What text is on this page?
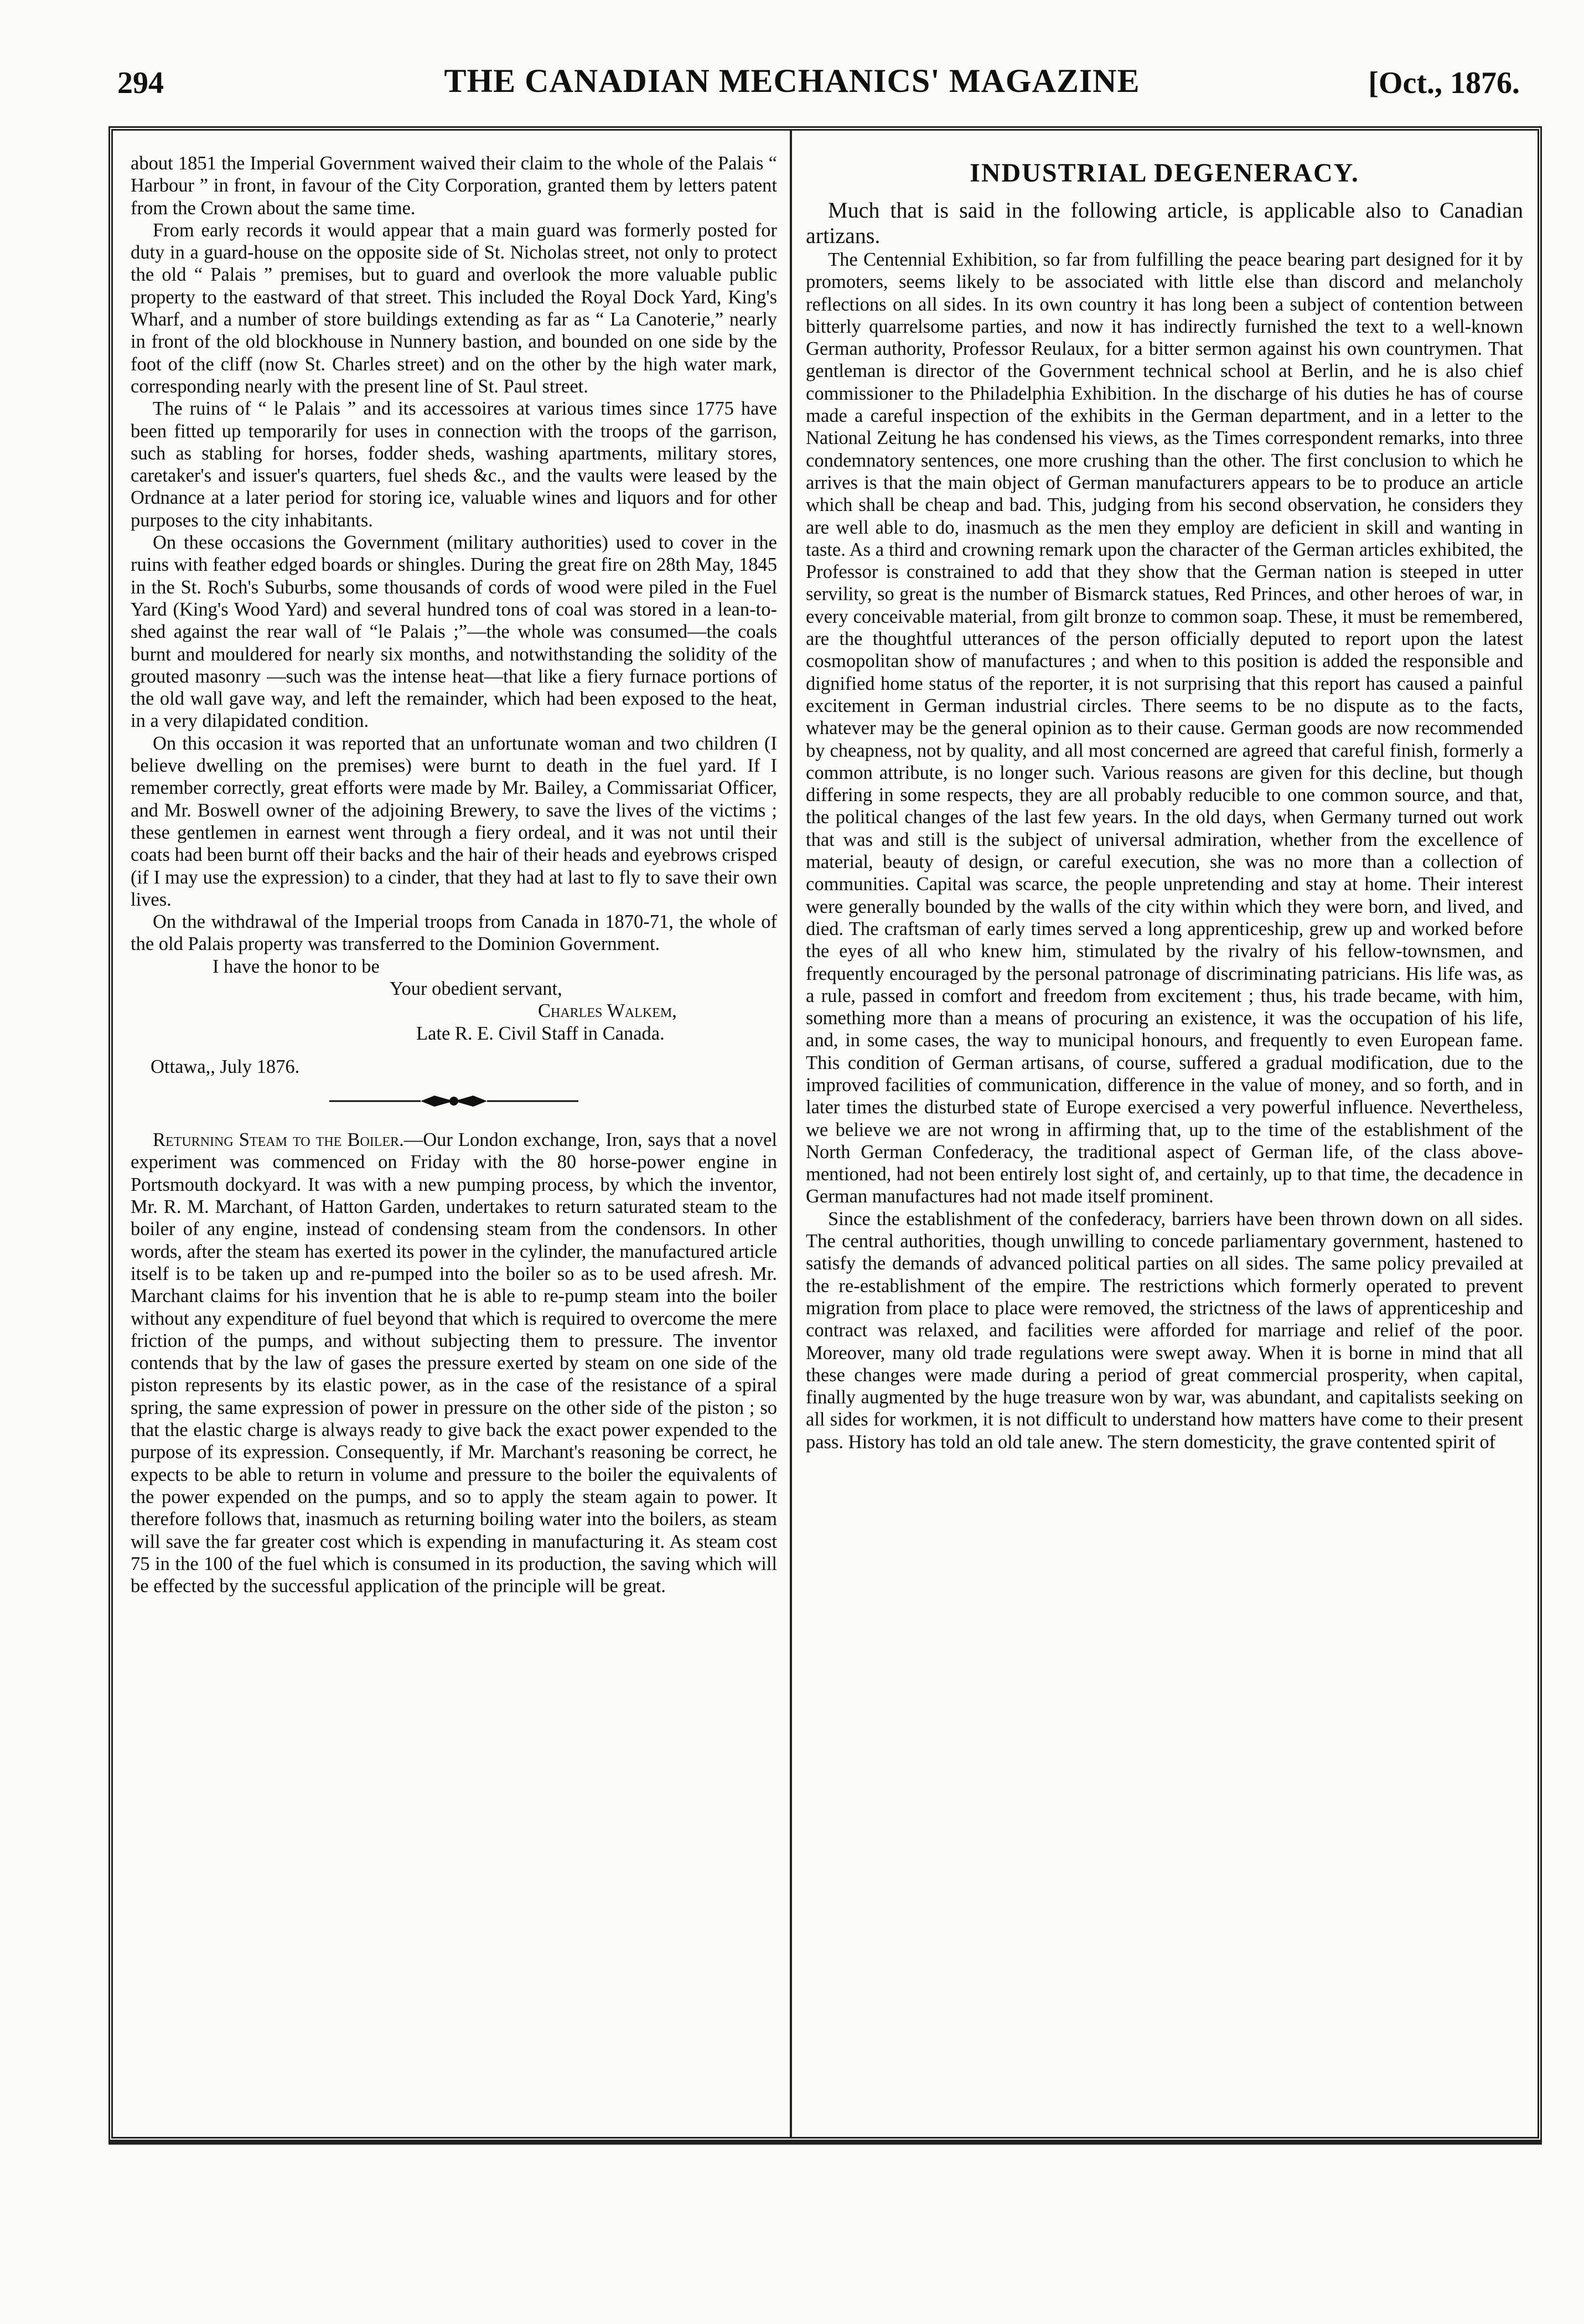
294	THE CANADIAN MECHANICS' MAGAZINE	[Oct., 1876.

about 1851 the Imperial Government waived their claim to the whole of the Palais “ Harbour ” in front, in favour of the City Corporation, granted them by letters patent from the Crown about the same time.

From early records it would appear that a main guard was formerly posted for duty in a guard-house on the opposite side of St. Nicholas street, not only to protect the old “ Palais ” premises, but to guard and overlook the more valuable public property to the eastward of that street. This included the Royal Dock Yard, King's Wharf, and a number of store buildings extending as far as “ La Canoterie,” nearly in front of the old blockhouse in Nunnery bastion, and bounded on one side by the foot of the cliff (now St. Charles street) and on the other by the high water mark, corresponding nearly with the present line of St. Paul street.

The ruins of “ le Palais ” and its accessoires at various times since 1775 have been fitted up temporarily for uses in connection with the troops of the garrison, such as stabling for horses, fodder sheds, washing apartments, military stores, caretaker's and issuer's quarters, fuel sheds &c., and the vaults were leased by the Ordnance at a later period for storing ice, valuable wines and liquors and for other purposes to the city inhabitants.

On these occasions the Government (military authorities) used to cover in the ruins with feather edged boards or shingles. During the great fire on 28th May, 1845 in the St. Roch's Suburbs, some thousands of cords of wood were piled in the Fuel Yard (King's Wood Yard) and several hundred tons of coal was stored in a lean-to-shed against the rear wall of “le Palais ;”—the whole was consumed—the coals burnt and mouldered for nearly six months, and notwithstanding the solidity of the grouted masonry —such was the intense heat—that like a fiery furnace portions of the old wall gave way, and left the remainder, which had been exposed to the heat, in a very dilapidated condition.

On this occasion it was reported that an unfortunate woman and two children (I believe dwelling on the premises) were burnt to death in the fuel yard. If I remember correctly, great efforts were made by Mr. Bailey, a Commissariat Officer, and Mr. Boswell owner of the adjoining Brewery, to save the lives of the victims ; these gentlemen in earnest went through a fiery ordeal, and it was not until their coats had been burnt off their backs and the hair of their heads and eyebrows crisped (if I may use the expression) to a cinder, that they had at last to fly to save their own lives.

On the withdrawal of the Imperial troops from Canada in 1870-71, the whole of the old Palais property was transferred to the Dominion Government.

I have the honor to be
Your obedient servant,
Charles Walkem,
Late R. E. Civil Staff in Canada.
Ottawa,, July 1876.

Returning Steam to the Boiler.—Our London exchange, Iron, says that a novel experiment was commenced on Friday with the 80 horse-power engine in Portsmouth dockyard. It was with a new pumping process, by which the inventor, Mr. R. M. Marchant, of Hatton Garden, undertakes to return saturated steam to the boiler of any engine, instead of condensing steam from the condensors. In other words, after the steam has exerted its power in the cylinder, the manufactured article itself is to be taken up and re-pumped into the boiler so as to be used afresh. Mr. Marchant claims for his invention that he is able to re-pump steam into the boiler without any expenditure of fuel beyond that which is required to overcome the mere friction of the pumps, and without subjecting them to pressure. The inventor contends that by the law of gases the pressure exerted by steam on one side of the piston represents by its elastic power, as in the case of the resistance of a spiral spring, the same expression of power in pressure on the other side of the piston ; so that the elastic charge is always ready to give back the exact power expended to the purpose of its expression. Consequently, if Mr. Marchant's reasoning be correct, he expects to be able to return in volume and pressure to the boiler the equivalents of the power expended on the pumps, and so to apply the steam again to power. It therefore follows that, inasmuch as returning boiling water into the boilers, as steam will save the far greater cost which is expending in manufacturing it. As steam cost 75 in the 100 of the fuel which is consumed in its production, the saving which will be effected by the successful application of the principle will be great.

INDUSTRIAL DEGENERACY.

Much that is said in the following article, is applicable also to Canadian artizans.

The Centennial Exhibition, so far from fulfilling the peace bearing part designed for it by promoters, seems likely to be associated with little else than discord and melancholy reflections on all sides. In its own country it has long been a subject of contention between bitterly quarrelsome parties, and now it has indirectly furnished the text to a well-known German authority, Professor Reulaux, for a bitter sermon against his own countrymen. That gentleman is director of the Government technical school at Berlin, and he is also chief commissioner to the Philadelphia Exhibition. In the discharge of his duties he has of course made a careful inspection of the exhibits in the German department, and in a letter to the National Zeitung he has condensed his views, as the Times correspondent remarks, into three condemnatory sentences, one more crushing than the other. The first conclusion to which he arrives is that the main object of German manufacturers appears to be to produce an article which shall be cheap and bad. This, judging from his second observation, he considers they are well able to do, inasmuch as the men they employ are deficient in skill and wanting in taste. As a third and crowning remark upon the character of the German articles exhibited, the Professor is constrained to add that they show that the German nation is steeped in utter servility, so great is the number of Bismarck statues, Red Princes, and other heroes of war, in every conceivable material, from gilt bronze to common soap. These, it must be remembered, are the thoughtful utterances of the person officially deputed to report upon the latest cosmopolitan show of manufactures ; and when to this position is added the responsible and dignified home status of the reporter, it is not surprising that this report has caused a painful excitement in German industrial circles. There seems to be no dispute as to the facts, whatever may be the general opinion as to their cause. German goods are now recommended by cheapness, not by quality, and all most concerned are agreed that careful finish, formerly a common attribute, is no longer such. Various reasons are given for this decline, but though differing in some respects, they are all probably reducible to one common source, and that, the political changes of the last few years. In the old days, when Germany turned out work that was and still is the subject of universal admiration, whether from the excellence of material, beauty of design, or careful execution, she was no more than a collection of communities. Capital was scarce, the people unpretending and stay at home. Their interest were generally bounded by the walls of the city within which they were born, and lived, and died. The craftsman of early times served a long apprenticeship, grew up and worked before the eyes of all who knew him, stimulated by the rivalry of his fellow-townsmen, and frequently encouraged by the personal patronage of discriminating patricians. His life was, as a rule, passed in comfort and freedom from excitement ; thus, his trade became, with him, something more than a means of procuring an existence, it was the occupation of his life, and, in some cases, the way to municipal honours, and frequently to even European fame. This condition of German artisans, of course, suffered a gradual modification, due to the improved facilities of communication, difference in the value of money, and so forth, and in later times the disturbed state of Europe exercised a very powerful influence. Nevertheless, we believe we are not wrong in affirming that, up to the time of the establishment of the North German Confederacy, the traditional aspect of German life, of the class above-mentioned, had not been entirely lost sight of, and certainly, up to that time, the decadence in German manufactures had not made itself prominent.

Since the establishment of the confederacy, barriers have been thrown down on all sides. The central authorities, though unwilling to concede parliamentary government, hastened to satisfy the demands of advanced political parties on all sides. The same policy prevailed at the re-establishment of the empire. The restrictions which formerly operated to prevent migration from place to place were removed, the strictness of the laws of apprenticeship and contract was relaxed, and facilities were afforded for marriage and relief of the poor. Moreover, many old trade regulations were swept away. When it is borne in mind that all these changes were made during a period of great commercial prosperity, when capital, finally augmented by the huge treasure won by war, was abundant, and capitalists seeking on all sides for workmen, it is not difficult to understand how matters have come to their present pass. History has told an old tale anew. The stern domesticity, the grave contented spirit of
